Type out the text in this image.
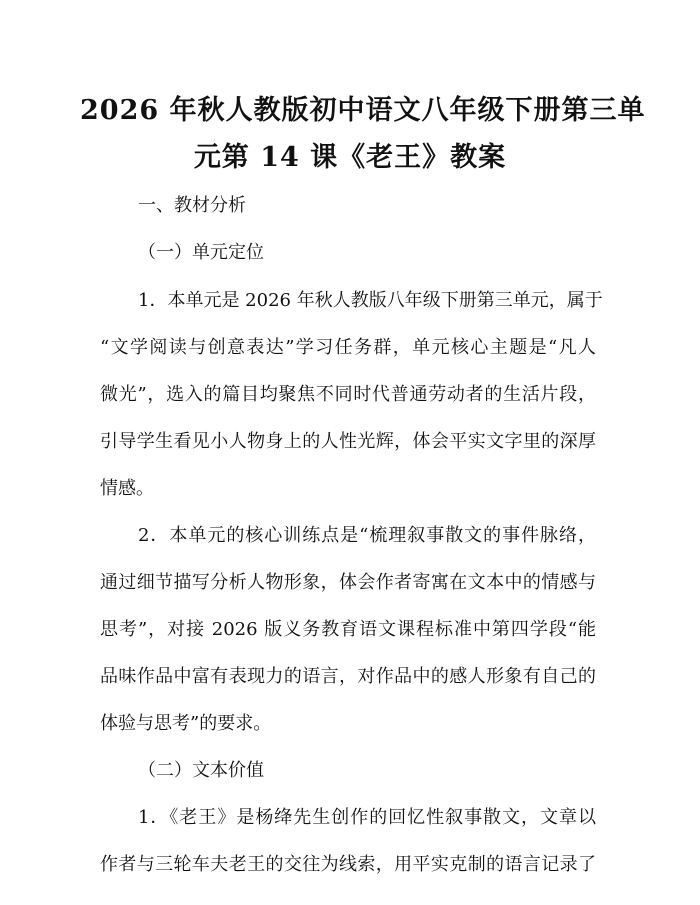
2026 年秋人教版初中语文八年级下册第三单
元第 14 课《老王》教案
一、教材分析
（一）单元定位
1．本单元是 2026 年秋人教版八年级下册第三单元，属于
“文学阅读与创意表达”学习任务群，单元核心主题是“凡人
微光”，选入的篇目均聚焦不同时代普通劳动者的生活片段，
引导学生看见小人物身上的人性光辉，体会平实文字里的深厚
情感。
2．本单元的核心训练点是“梳理叙事散文的事件脉络，
通过细节描写分析人物形象，体会作者寄寓在文本中的情感与
思考”，对接 2026 版义务教育语文课程标准中第四学段“能
品味作品中富有表现力的语言，对作品中的感人形象有自己的
体验与思考”的要求。
（二）文本价值
1．《老王》是杨绛先生创作的回忆性叙事散文，文章以
作者与三轮车夫老王的交往为线索，用平实克制的语言记录了
